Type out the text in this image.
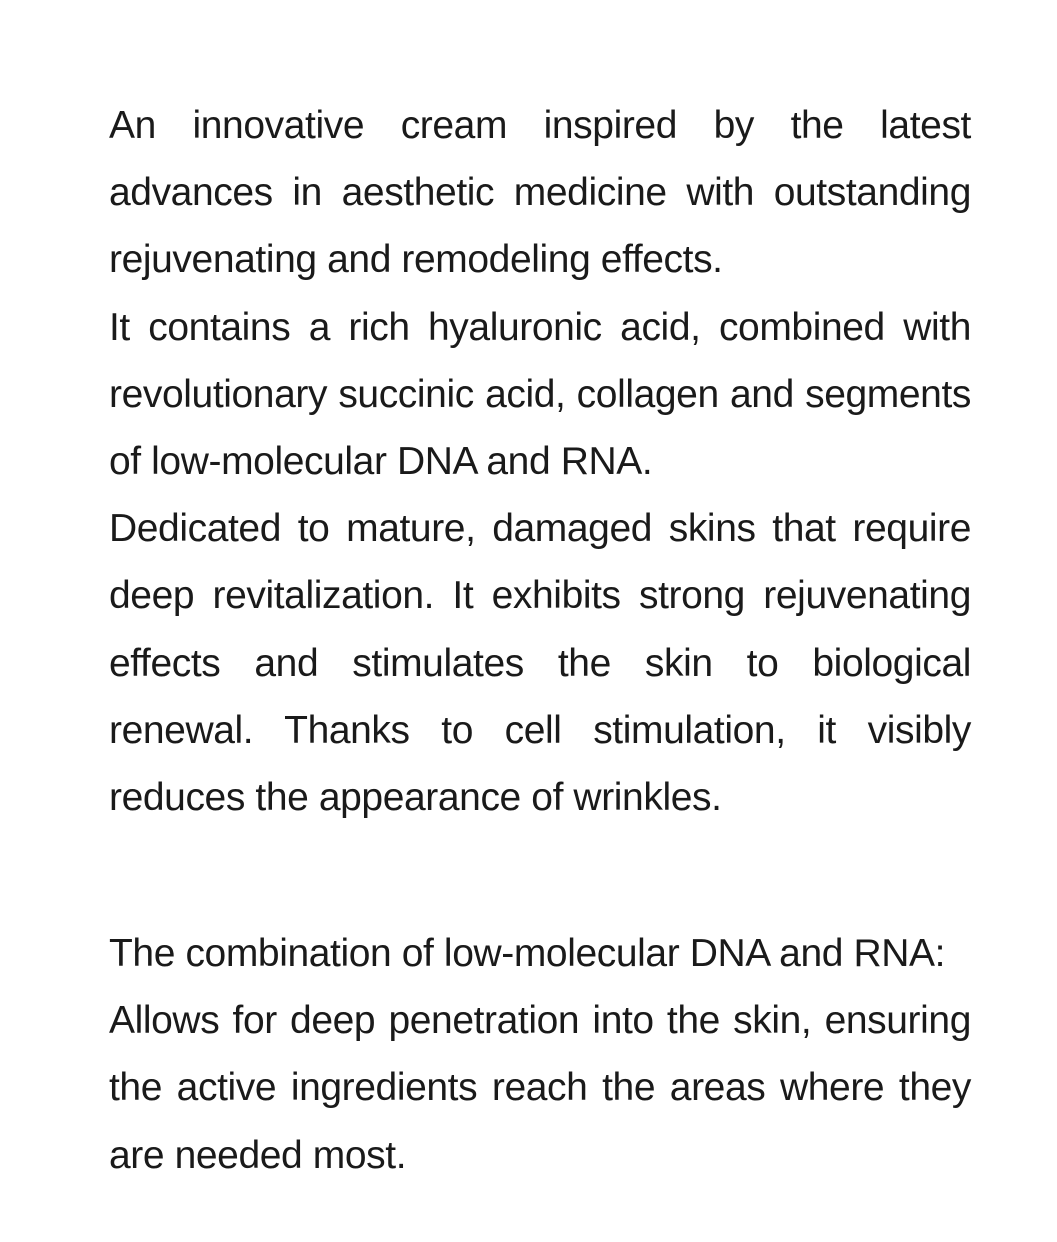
An innovative cream inspired by the latest advances in aesthetic medicine with outstanding rejuvenating and remodeling effects.

It contains a rich hyaluronic acid, combined with revolutionary succinic acid, collagen and segments of low-molecular DNA and RNA.

Dedicated to mature, damaged skins that require deep revitalization. It exhibits strong rejuvenating effects and stimulates the skin to biological renewal. Thanks to cell stimulation, it visibly reduces the appearance of wrinkles.

The combination of low-molecular DNA and RNA:

Allows for deep penetration into the skin, ensuring the active ingredients reach the areas where they are needed most.
